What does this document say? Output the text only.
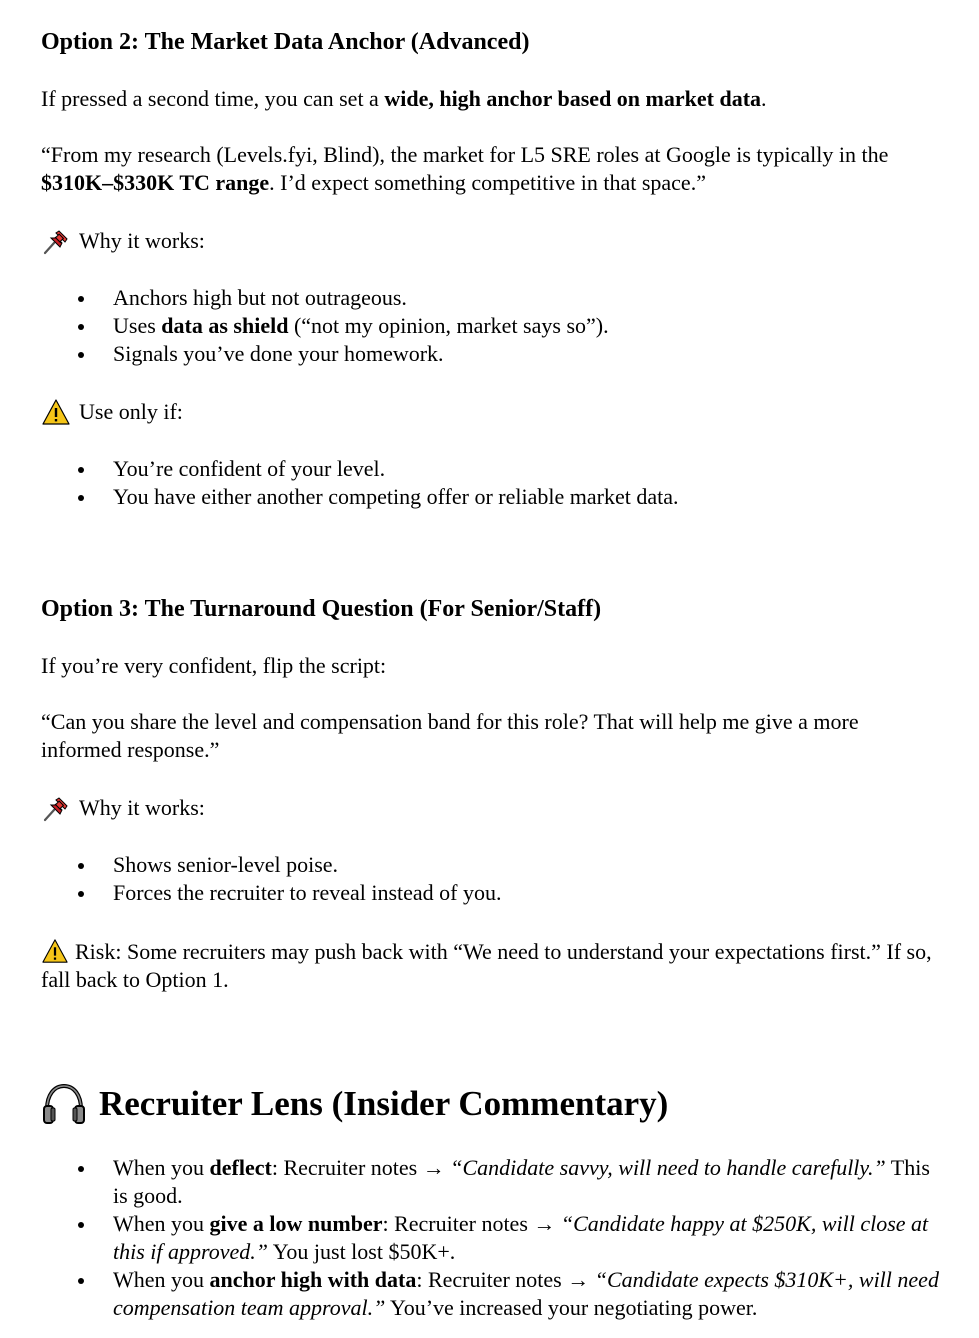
Option 2: The Market Data Anchor (Advanced)

If pressed a second time, you can set a wide, high anchor based on market data.

“From my research (Levels.fyi, Blind), the market for L5 SRE roles at Google is typically in the $310K–$330K TC range. I’d expect something competitive in that space.”

Why it works:
Anchors high but not outrageous.
Uses data as shield (“not my opinion, market says so”).
Signals you’ve done your homework.
Use only if:
You’re confident of your level.
You have either another competing offer or reliable market data.
Option 3: The Turnaround Question (For Senior/Staff)

If you’re very confident, flip the script:

“Can you share the level and compensation band for this role? That will help me give a more informed response.”

Why it works:
Shows senior-level poise.
Forces the recruiter to reveal instead of you.

Risk: Some recruiters may push back with “We need to understand your expectations first.” If so, fall back to Option 1.

Recruiter Lens (Insider Commentary)
When you deflect: Recruiter notes → “Candidate savvy, will need to handle carefully.” This is good.
When you give a low number: Recruiter notes → “Candidate happy at $250K, will close at this if approved.” You just lost $50K+.
When you anchor high with data: Recruiter notes → “Candidate expects $310K+, will need compensation team approval.” You’ve increased your negotiating power.
